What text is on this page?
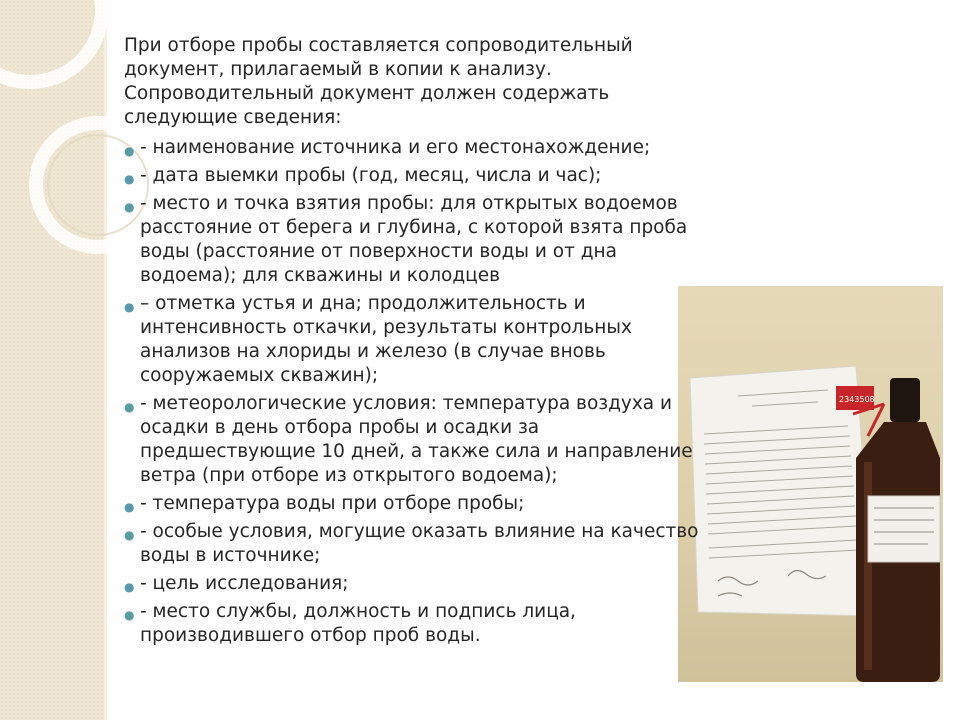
При отборе пробы составляется сопроводительный документ, прилагаемый в копии к анализу. Сопроводительный документ должен содержать следующие сведения:

● - наименование источника и его местонахождение;
● - дата выемки пробы (год, месяц, числа и час);
● - место и точка взятия пробы: для открытых водоемов расстояние от берега и глубина, с которой взята проба воды (расстояние от поверхности воды и от дна водоема); для скважины и колодцев
● – отметка устья и дна; продолжительность и интенсивность откачки, результаты контрольных анализов на хлориды и железо (в случае вновь сооружаемых скважин);
● - метеорологические условия: температура воздуха и осадки в день отбора пробы и осадки за предшествующие 10 дней, а также сила и направление ветра (при отборе из открытого водоема);
● - температура воды при отборе пробы;
● - особые условия, могущие оказать влияние на качество воды в источнике;
● - цель исследования;
● - место службы, должность и подпись лица, производившего отбор проб воды.
2343508
